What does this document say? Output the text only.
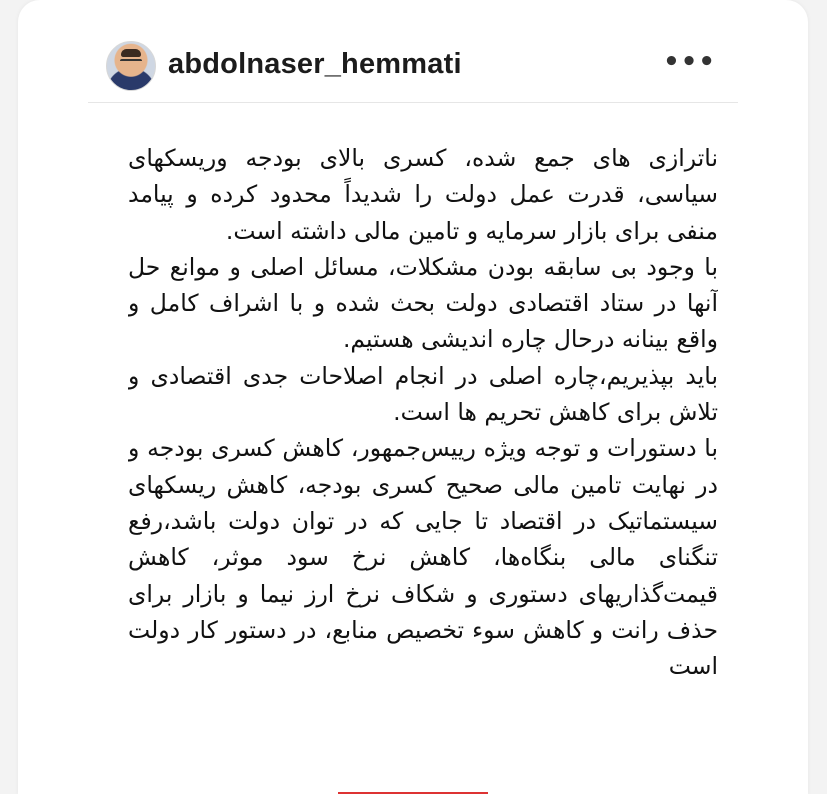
abdolnaser_hemmati	•••

ناترازی های جمع شده، کسری بالای بودجه وریسکهای سیاسی، قدرت عمل دولت را شدیداً محدود کرده و پیامد منفی برای بازار سرمایه و تامین مالی داشته است.

با وجود بی سابقه بودن مشکلات، مسائل اصلی و موانع حل آنها در ستاد اقتصادی دولت بحث شده و با اشراف کامل و واقع بینانه درحال چاره اندیشی هستیم.

باید بپذیریم،چاره اصلی در انجام اصلاحات جدی اقتصادی و تلاش برای کاهش تحریم ها است.

با دستورات و توجه ویژه رییس‌جمهور، کاهش کسری بودجه و در نهایت تامین مالی صحیح کسری بودجه، کاهش ریسکهای سیستماتیک در اقتصاد تا جایی که در توان دولت باشد،رفع تنگنای مالی بنگاه‌ها، کاهش نرخ سود موثر، کاهش قیمت‌گذاریهای دستوری و شکاف نرخ ارز نیما و بازار برای حذف رانت و کاهش سوء تخصیص منابع، در دستور کار دولت است
